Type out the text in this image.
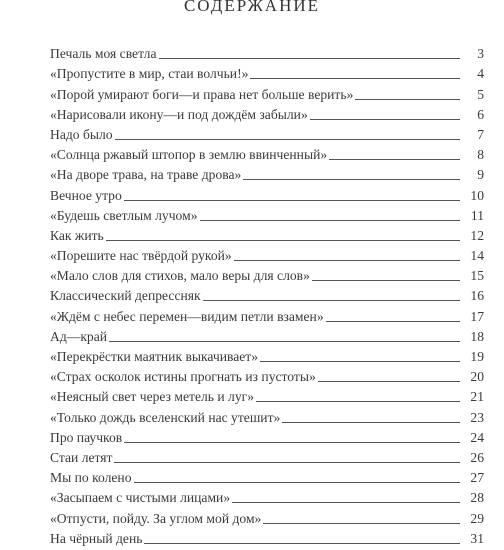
СОДЕРЖАНИЕ
Печаль моя светла	3
«Пропустите в мир, стаи волчьи!»	4
«Порой умирают боги—и права нет больше верить»	5
«Нарисовали икону—и под дождём забыли»	6
Надо было	7
«Солнца ржавый штопор в землю ввинченный»	8
«На дворе трава, на траве дрова»	9
Вечное утро	10
«Будешь светлым лучом»	11
Как жить	12
«Порешите нас твёрдой рукой»	14
«Мало слов для стихов, мало веры для слов»	15
Классический депрессняк	16
«Ждём с небес перемен—видим петли взамен»	17
Ад—край	18
«Перекрёстки маятник выкачивает»	19
«Страх осколок истины прогнать из пустоты»	20
«Неясный свет через метель и луг»	21
«Только дождь вселенский нас утешит»	23
Про паучков	24
Стаи летят	26
Мы по колено	27
«Засыпаем с чистыми лицами»	28
«Отпусти, пойду. За углом мой дом»	29
На чёрный день	31
